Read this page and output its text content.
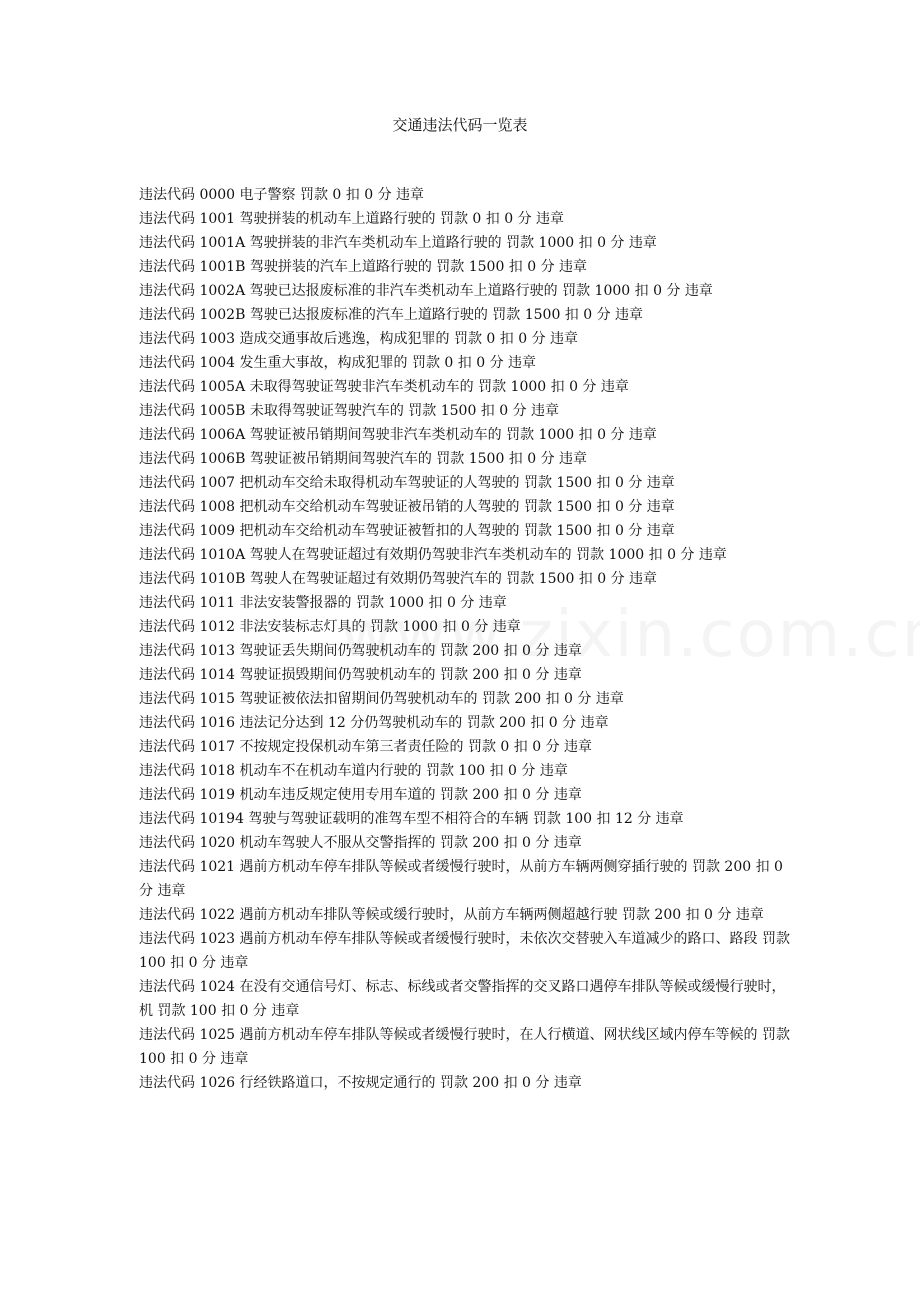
交通违法代码一览表

违法代码 0000 电子警察 罚款 0 扣 0 分 违章

违法代码 1001 驾驶拼装的机动车上道路行驶的 罚款 0 扣 0 分 违章

违法代码 1001A 驾驶拼装的非汽车类机动车上道路行驶的 罚款 1000 扣 0 分 违章

违法代码 1001B 驾驶拼装的汽车上道路行驶的 罚款 1500 扣 0 分 违章

违法代码 1002A 驾驶已达报废标准的非汽车类机动车上道路行驶的 罚款 1000 扣 0 分 违章

违法代码 1002B 驾驶已达报废标准的汽车上道路行驶的 罚款 1500 扣 0 分 违章

违法代码 1003 造成交通事故后逃逸，构成犯罪的 罚款 0 扣 0 分 违章

违法代码 1004 发生重大事故，构成犯罪的 罚款 0 扣 0 分 违章

违法代码 1005A 未取得驾驶证驾驶非汽车类机动车的 罚款 1000 扣 0 分 违章

违法代码 1005B 未取得驾驶证驾驶汽车的 罚款 1500 扣 0 分 违章

违法代码 1006A 驾驶证被吊销期间驾驶非汽车类机动车的 罚款 1000 扣 0 分 违章

违法代码 1006B 驾驶证被吊销期间驾驶汽车的 罚款 1500 扣 0 分 违章

违法代码 1007 把机动车交给未取得机动车驾驶证的人驾驶的 罚款 1500 扣 0 分 违章

违法代码 1008 把机动车交给机动车驾驶证被吊销的人驾驶的 罚款 1500 扣 0 分 违章

违法代码 1009 把机动车交给机动车驾驶证被暂扣的人驾驶的 罚款 1500 扣 0 分 违章

违法代码 1010A 驾驶人在驾驶证超过有效期仍驾驶非汽车类机动车的 罚款 1000 扣 0 分 违章

违法代码 1010B 驾驶人在驾驶证超过有效期仍驾驶汽车的 罚款 1500 扣 0 分 违章

违法代码 1011 非法安装警报器的 罚款 1000 扣 0 分 违章

违法代码 1012 非法安装标志灯具的 罚款 1000 扣 0 分 违章

违法代码 1013 驾驶证丢失期间仍驾驶机动车的 罚款 200 扣 0 分 违章

违法代码 1014 驾驶证损毁期间仍驾驶机动车的 罚款 200 扣 0 分 违章

违法代码 1015 驾驶证被依法扣留期间仍驾驶机动车的 罚款 200 扣 0 分 违章

违法代码 1016 违法记分达到 12 分仍驾驶机动车的 罚款 200 扣 0 分 违章

违法代码 1017 不按规定投保机动车第三者责任险的 罚款 0 扣 0 分 违章

违法代码 1018 机动车不在机动车道内行驶的 罚款 100 扣 0 分 违章

违法代码 1019 机动车违反规定使用专用车道的 罚款 200 扣 0 分 违章

违法代码 10194 驾驶与驾驶证载明的准驾车型不相符合的车辆 罚款 100 扣 12 分 违章

违法代码 1020 机动车驾驶人不服从交警指挥的 罚款 200 扣 0 分 违章

违法代码 1021 遇前方机动车停车排队等候或者缓慢行驶时，从前方车辆两侧穿插行驶的 罚款 200 扣 0 分 违章

违法代码 1022 遇前方机动车排队等候或缓行驶时，从前方车辆两侧超越行驶 罚款 200 扣 0 分 违章

违法代码 1023 遇前方机动车停车排队等候或者缓慢行驶时，未依次交替驶入车道减少的路口、路段 罚款 100 扣 0 分 违章

违法代码 1024 在没有交通信号灯、标志、标线或者交警指挥的交叉路口遇停车排队等候或缓慢行驶时，机 罚款 100 扣 0 分 违章

违法代码 1025 遇前方机动车停车排队等候或者缓慢行驶时，在人行横道、网状线区域内停车等候的 罚款 100 扣 0 分 违章

违法代码 1026 行经铁路道口，不按规定通行的 罚款 200 扣 0 分 违章
